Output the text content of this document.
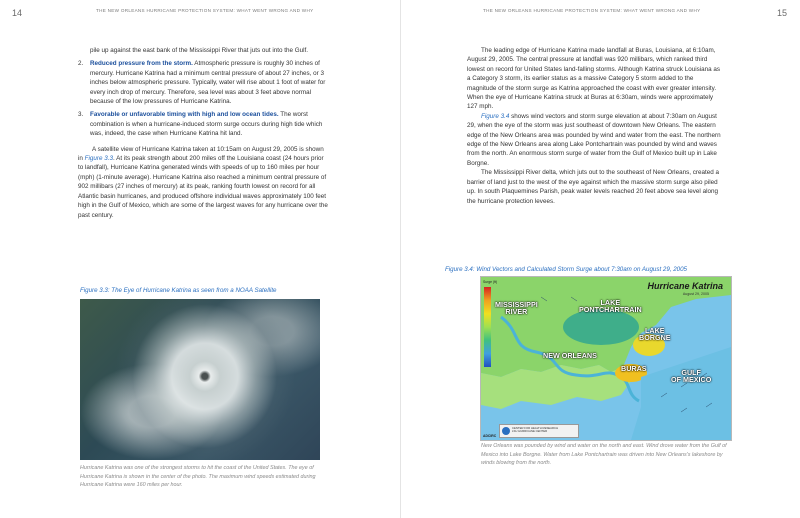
14	THE NEW ORLEANS HURRICANE PROTECTION SYSTEM: WHAT WENT WRONG AND WHY

pile up against the east bank of the Mississippi River that juts out into the Gulf.

2. Reduced pressure from the storm. Atmospheric pressure is roughly 30 inches of mercury. Hurricane Katrina had a minimum central pressure of about 27 inches, or 3 inches below atmospheric pressure. Typically, water will rise about 1 foot of water for every inch drop of mercury. Therefore, sea level was about 3 feet above normal because of the low pressures of Hurricane Katrina.
3. Favorable or unfavorable timing with high and low ocean tides. The worst combination is when a hurricane-induced storm surge occurs during high tide which was, indeed, the case when Hurricane Katrina hit land.

A satellite view of Hurricane Katrina taken at 10:15am on August 29, 2005 is shown in Figure 3.3. At its peak strength about 200 miles off the Louisiana coast (24 hours prior to landfall), Hurricane Katrina generated winds with speeds of up to 160 miles per hour (mph) (1-minute average). Hurricane Katrina also reached a minimum central pressure of 902 millibars (27 inches of mercury) at its peak, ranking fourth lowest on record for all Atlantic basin hurricanes, and produced offshore individual waves approximately 100 feet high in the Gulf of Mexico, which are some of the largest waves for any hurricane over the past century.

Figure 3.3: The Eye of Hurricane Katrina as seen from a NOAA Satellite
Hurricane Katrina was one of the strongest storms to hit the coast of the United States. The eye of Hurricane Katrina is shown in the center of the photo. The maximum wind speeds estimated during Hurricane Katrina were 160 miles per hour.
THE NEW ORLEANS HURRICANE PROTECTION SYSTEM: WHAT WENT WRONG AND WHY	15

The leading edge of Hurricane Katrina made landfall at Buras, Louisiana, at 6:10am, August 29, 2005. The central pressure at landfall was 920 millibars, which ranked third lowest on record for United States land-falling storms. Although Katrina struck Louisiana as a Category 3 storm, its earlier status as a massive Category 5 storm added to the magnitude of the storm surge as Katrina approached the coast with ever greater intensity. When the eye of Hurricane Katrina struck at Buras at 6:30am, winds were approximately 127 mph.

Figure 3.4 shows wind vectors and storm surge elevation at about 7:30am on August 29, when the eye of the storm was just southeast of downtown New Orleans. The eastern edge of the New Orleans area was pounded by wind and water from the east. The northern edge of the New Orleans area along Lake Pontchartrain was pounded by wind and waves from the north. An enormous storm surge of water from the Gulf of Mexico built up in Lake Borgne.

The Mississippi River delta, which juts out to the southeast of New Orleans, created a barrier of land just to the west of the eye against which the massive storm surge also piled up. In south Plaquemines Parish, peak water levels reached 20 feet above sea level along the hurricane protection levees.

Figure 3.4: Wind Vectors and Calculated Storm Surge about 7:30am on August 29, 2005
New Orleans was pounded by wind and water on the north and east. Wind drove water from the Gulf of Mexico into Lake Borgne. Water from Lake Pontchartrain was driven into New Orleans's lakeshore by winds blowing from the north.
Surge (ft)	Hurricane Katrina
August 29, 2005
MISSISSIPPI
RIVER
LAKE
PONTCHARTRAIN
LAKE
BORGNE
NEW ORLEANS
BURAS	GULF
OF MEXICO
CENTER FOR HEALTH RESEARCH
LSU HURRICANE CENTER
ADCIRC
